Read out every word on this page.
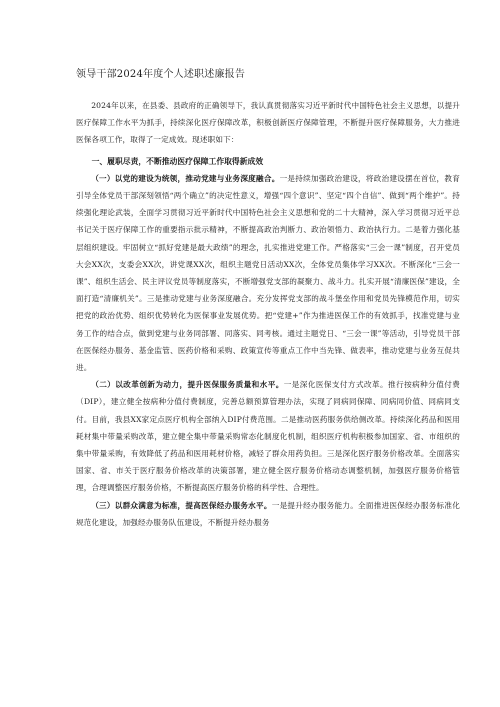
领导干部2024年度个人述职述廉报告

2024年以来，在县委、县政府的正确领导下，我认真贯彻落实习近平新时代中国特色社会主义思想，以提升医疗保障工作水平为抓手，持续深化医疗保障改革，积极创新医疗保障管理，不断提升医疗保障服务，大力推进医保各项工作，取得了一定成效。现述职如下：

一、履职尽责，不断推动医疗保障工作取得新成效

（一）以党的建设为统领，推动党建与业务深度融合。一是持续加强政治建设，将政治建设摆在首位，教育引导全体党员干部深刻领悟“两个确立”的决定性意义，增强“四个意识”、坚定“四个自信”、做到“两个维护”。持续强化理论武装，全面学习贯彻习近平新时代中国特色社会主义思想和党的二十大精神，深入学习贯彻习近平总书记关于医疗保障工作的重要指示批示精神，不断提高政治判断力、政治领悟力、政治执行力。二是着力强化基层组织建设。牢固树立“抓好党建是最大政绩”的理念，扎实推进党建工作。严格落实“三会一课”制度，召开党员大会XX次，支委会XX次，讲党课XX次，组织主题党日活动XX次，全体党员集体学习XX次。不断深化“三会一课”、组织生活会、民主评议党员等制度落实，不断增强党支部的凝聚力、战斗力。扎实开展“清廉医保”建设，全面打造“清廉机关”。三是推动党建与业务深度融合。充分发挥党支部的战斗堡垒作用和党员先锋模范作用，切实把党的政治优势、组织优势转化为医保事业发展优势。把“党建+”作为推进医保工作的有效抓手，找准党建与业务工作的结合点，做到党建与业务同部署、同落实、同考核。通过主题党日、“三会一课”等活动，引导党员干部在医保经办服务、基金监管、医药价格和采购、政策宣传等重点工作中当先锋、做表率，推动党建与业务互促共进。

（二）以改革创新为动力，提升医保服务质量和水平。一是深化医保支付方式改革。推行按病种分值付费（DIP），建立健全按病种分值付费制度，完善总额预算管理办法，实现了同病同保障、同病同价值、同病同支付。目前，我县XX家定点医疗机构全部纳入DIP付费范围。二是推动医药服务供给侧改革。持续深化药品和医用耗材集中带量采购改革，建立健全集中带量采购常态化制度化机制，组织医疗机构积极参加国家、省、市组织的集中带量采购，有效降低了药品和医用耗材价格，减轻了群众用药负担。三是深化医疗服务价格改革。全面落实国家、省、市关于医疗服务价格改革的决策部署，建立健全医疗服务价格动态调整机制，加强医疗服务价格管理，合理调整医疗服务价格，不断提高医疗服务价格的科学性、合理性。

（三）以群众满意为标准，提高医保经办服务水平。一是提升经办服务能力。全面推进医保经办服务标准化规范化建设，加强经办服务队伍建设，不断提升经办服务
